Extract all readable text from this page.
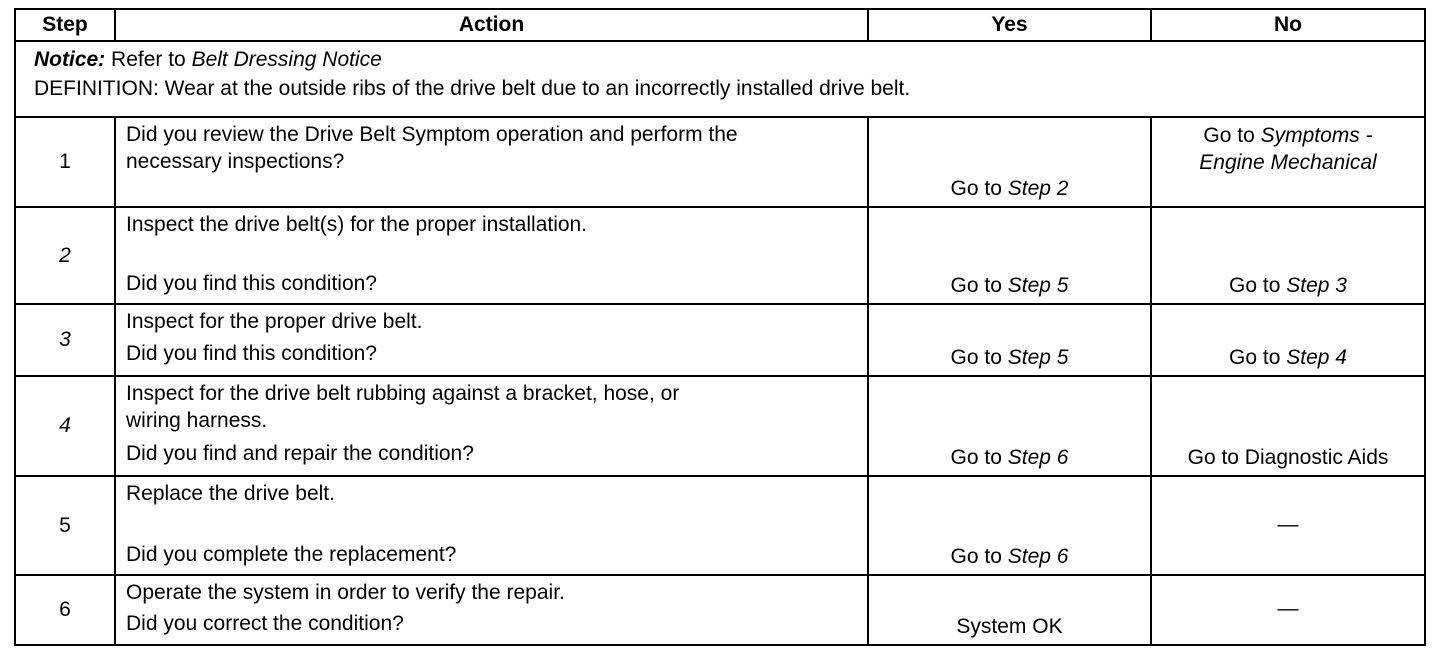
Step	Action	Yes	No

Notice: Refer to Belt Dressing Notice
DEFINITION: Wear at the outside ribs of the drive belt due to an incorrectly installed drive belt.			

1	Did you review the Drive Belt Symptom operation and perform the
necessary inspections?	Go to Step 2	Go to Symptoms -
Engine Mechanical

2	Inspect the drive belt(s) for the proper installation.
Did you find this condition?	Go to Step 5	Go to Step 3

3	Inspect for the proper drive belt.
Did you find this condition?	Go to Step 5	Go to Step 4

4	Inspect for the drive belt rubbing against a bracket, hose, or
wiring harness.
Did you find and repair the condition?	Go to Step 6	Go to Diagnostic Aids

5	Replace the drive belt.
Did you complete the replacement?	Go to Step 6	—

6	Operate the system in order to verify the repair.
Did you correct the condition?	System OK	—
